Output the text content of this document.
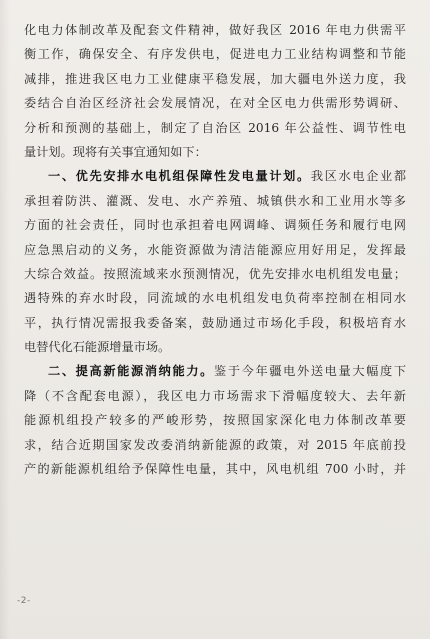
化电力体制改革及配套文件精神，做好我区 2016 年电力供需平
衡工作，确保安全、有序发供电，促进电力工业结构调整和节能
减排，推进我区电力工业健康平稳发展，加大疆电外送力度，我
委结合自治区经济社会发展情况，在对全区电力供需形势调研、
分析和预测的基础上，制定了自治区 2016 年公益性、调节性电
量计划。现将有关事宜通知如下：
一、优先安排水电机组保障性发电量计划。我区水电企业都
承担着防洪、灌溉、发电、水产养殖、城镇供水和工业用水等多
方面的社会责任，同时也承担着电网调峰、调频任务和履行电网
应急黑启动的义务，水能资源做为清洁能源应用好用足，发挥最
大综合效益。按照流域来水预测情况，优先安排水电机组发电量；
遇特殊的弃水时段，同流域的水电机组发电负荷率控制在相同水
平，执行情况需报我委备案，鼓励通过市场化手段，积极培育水
电替代化石能源增量市场。
二、提高新能源消纳能力。鉴于今年疆电外送电量大幅度下
降（不含配套电源），我区电力市场需求下滑幅度较大、去年新
能源机组投产较多的严峻形势，按照国家深化电力体制改革要
求，结合近期国家发改委消纳新能源的政策，对 2015 年底前投
产的新能源机组给予保障性电量，其中，风电机组 700 小时，并
-2-
